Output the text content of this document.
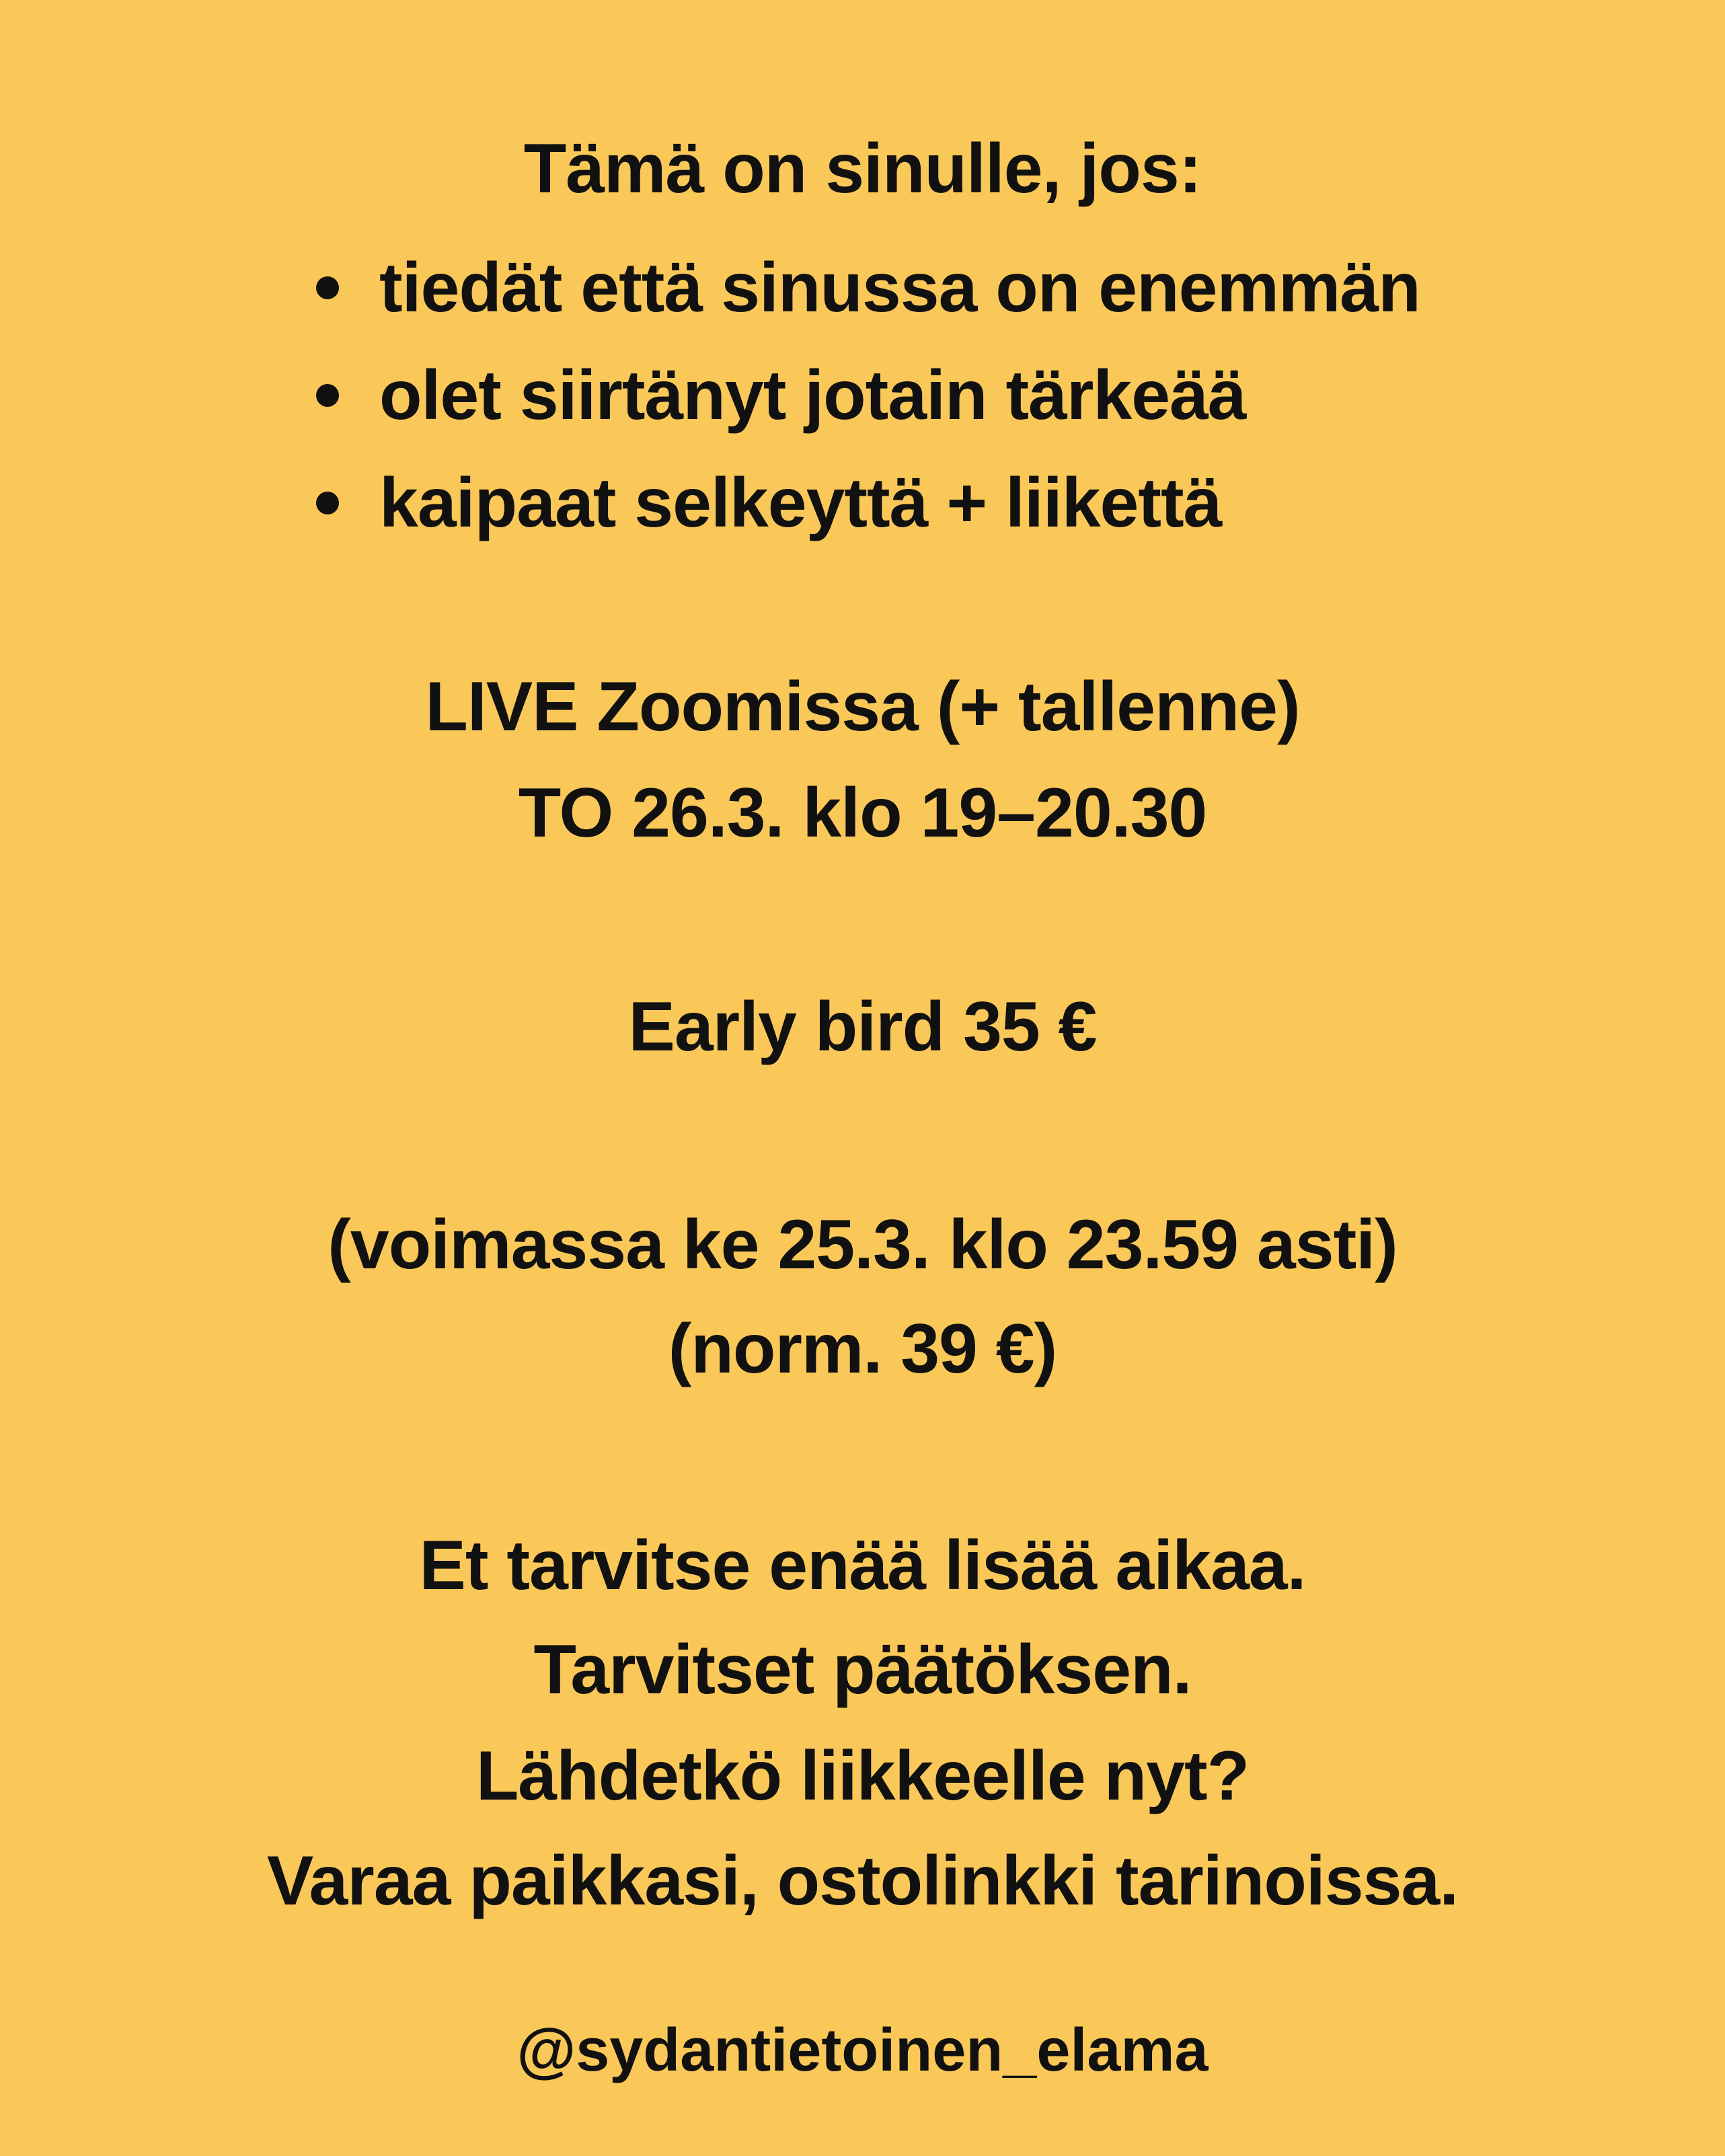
Tämä on sinulle, jos:
tiedät että sinussa on enemmän
olet siirtänyt jotain tärkeää
kaipaat selkeyttä + liikettä
LIVE Zoomissa (+ tallenne)
TO 26.3. klo 19–20.30
Early bird 35 €
(voimassa ke 25.3. klo 23.59 asti)
(norm. 39 €)
Et tarvitse enää lisää aikaa.
Tarvitset päätöksen.
Lähdetkö liikkeelle nyt?
Varaa paikkasi, ostolinkki tarinoissa.
@sydantietoinen_elama
